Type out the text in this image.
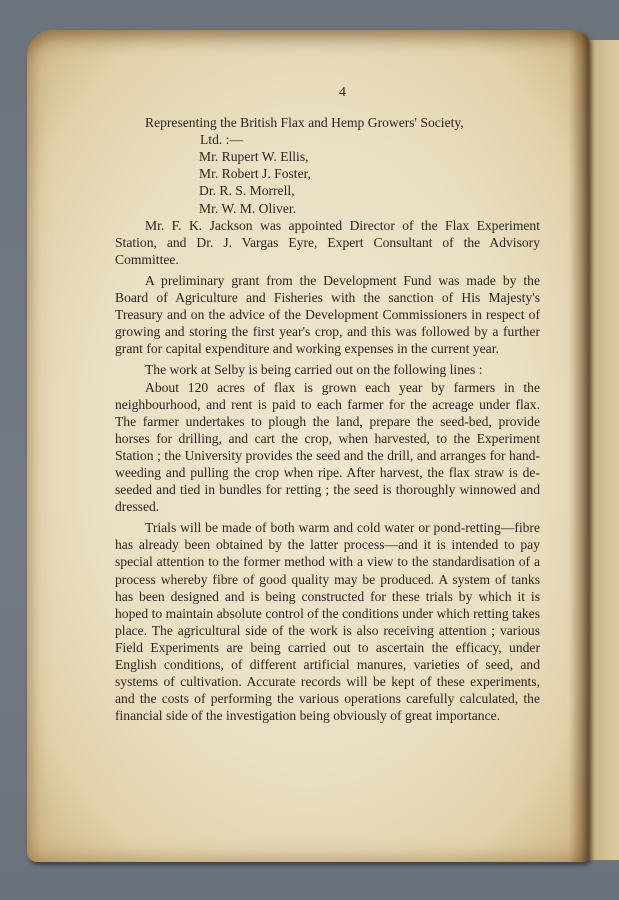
4
Representing the British Flax and Hemp Growers' Society,
Ltd. :—
Mr. Rupert W. Ellis,
Mr. Robert J. Foster,
Dr. R. S. Morrell,
Mr. W. M. Oliver.

Mr. F. K. Jackson was appointed Director of the Flax Experiment Station, and Dr. J. Vargas Eyre, Expert Consultant of the Advisory Committee.

A preliminary grant from the Development Fund was made by the Board of Agriculture and Fisheries with the sanction of His Majesty's Treasury and on the advice of the Development Commissioners in respect of growing and storing the first year's crop, and this was followed by a further grant for capital expenditure and working expenses in the current year.

The work at Selby is being carried out on the following lines :

About 120 acres of flax is grown each year by farmers in the neighbourhood, and rent is paid to each farmer for the acreage under flax. The farmer undertakes to plough the land, prepare the seed-bed, provide horses for drilling, and cart the crop, when harvested, to the Experiment Station ; the University provides the seed and the drill, and arranges for hand-weeding and pulling the crop when ripe. After harvest, the flax straw is de-seeded and tied in bundles for retting ; the seed is thoroughly winnowed and dressed.

Trials will be made of both warm and cold water or pond-retting—fibre has already been obtained by the latter process—and it is intended to pay special attention to the former method with a view to the standardisation of a process whereby fibre of good quality may be produced. A system of tanks has been designed and is being constructed for these trials by which it is hoped to maintain absolute control of the conditions under which retting takes place. The agricultural side of the work is also receiving attention ; various Field Experiments are being carried out to ascertain the efficacy, under English conditions, of different artificial manures, varieties of seed, and systems of cultivation. Accurate records will be kept of these experiments, and the costs of performing the various operations carefully calculated, the financial side of the investigation being obviously of great importance.
